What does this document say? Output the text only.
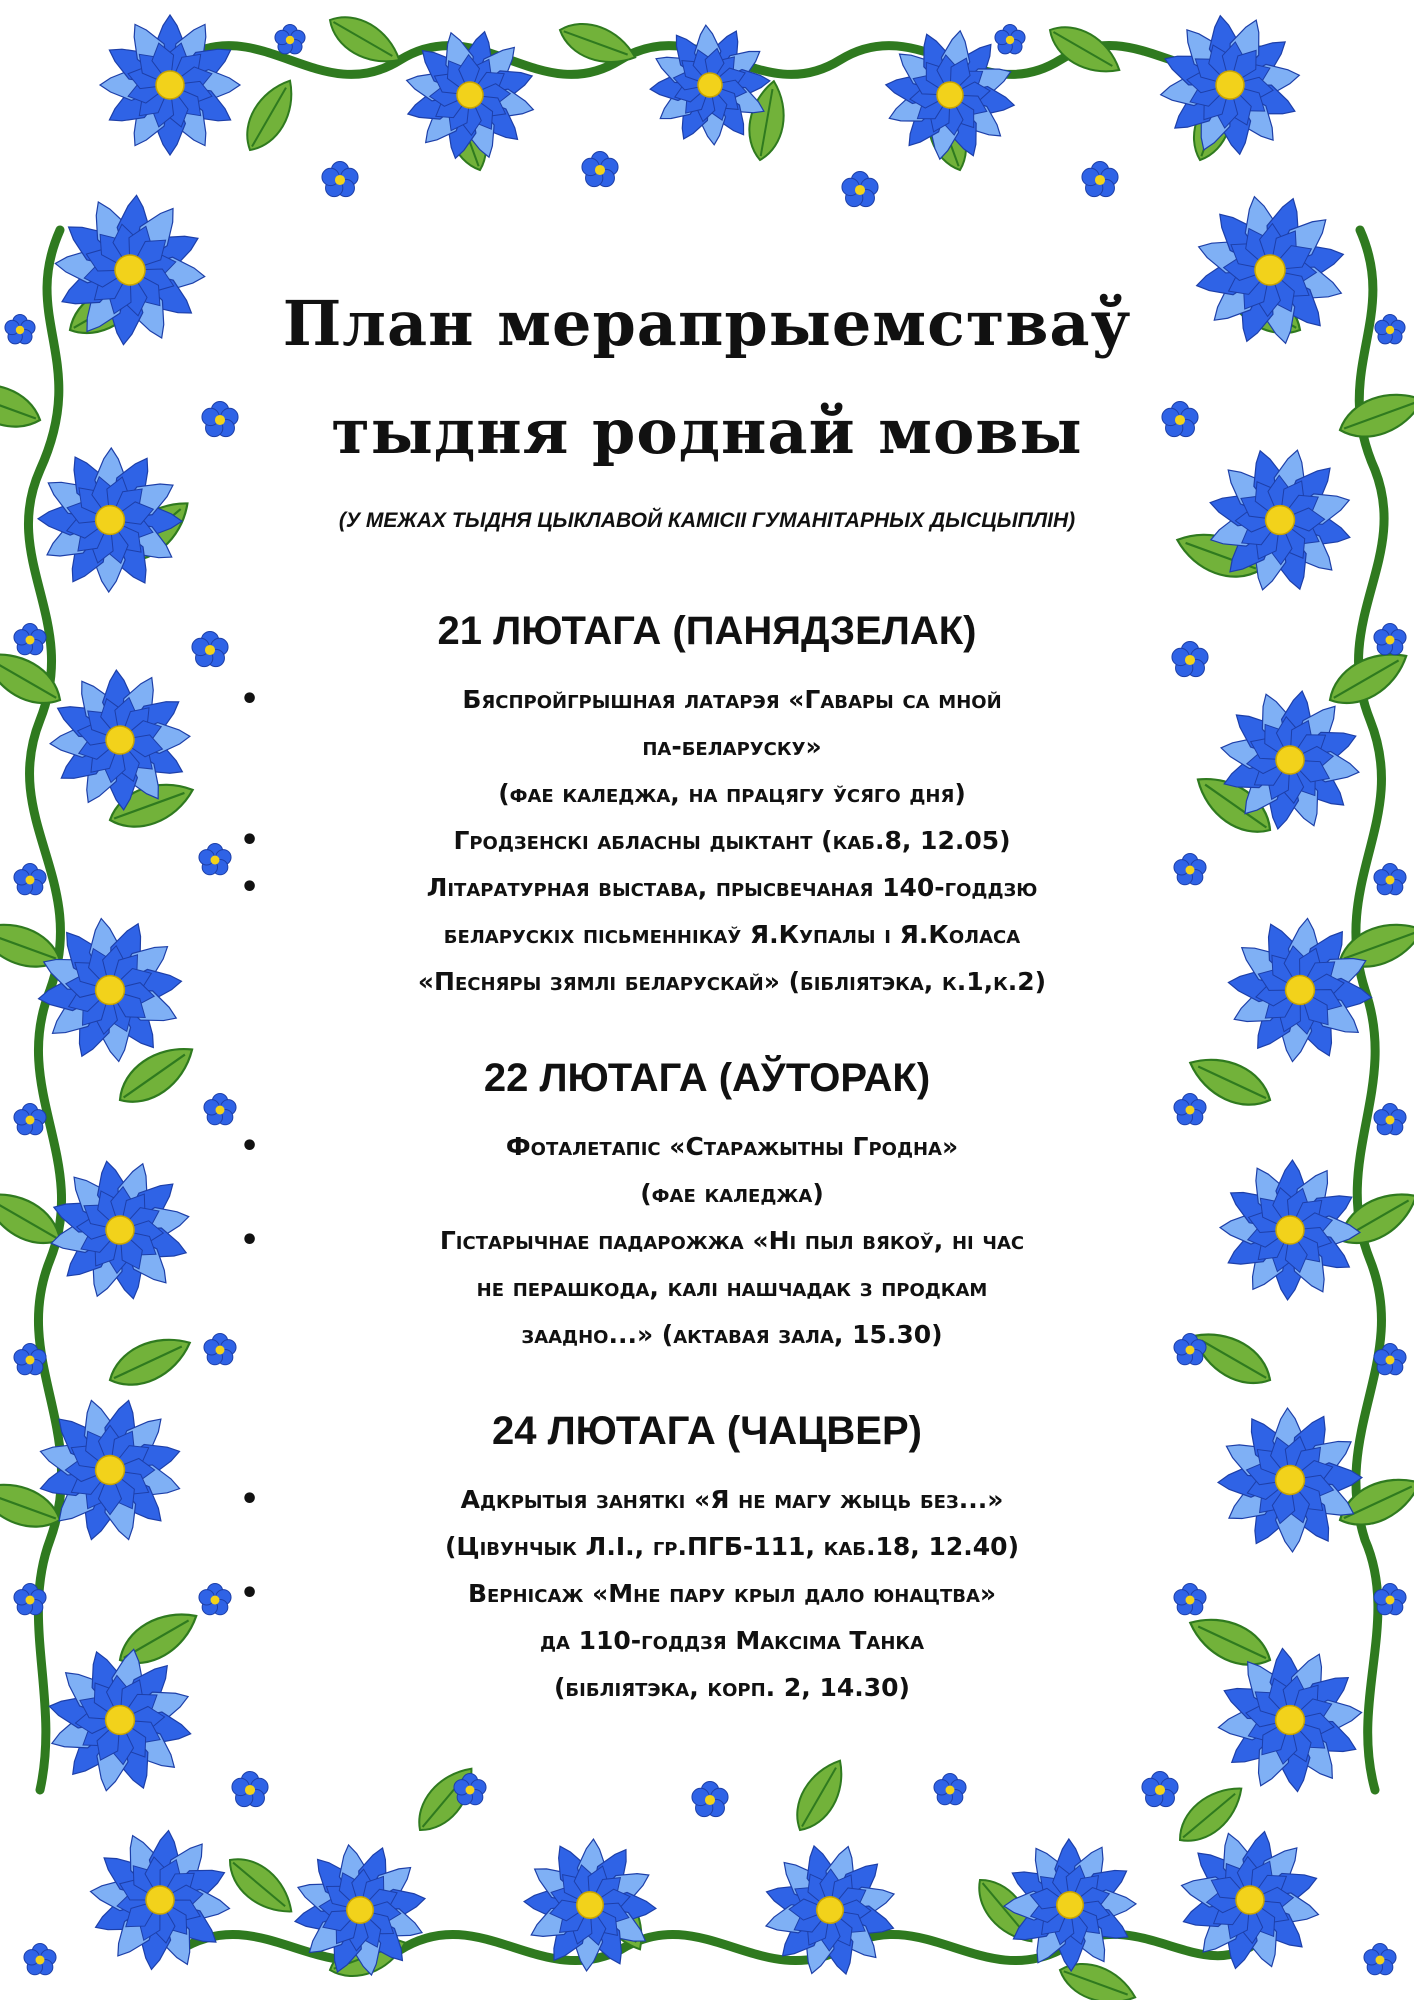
План мерапрыемстваў
тыдня роднай мовы

(У МЕЖАХ ТЫДНЯ ЦЫКЛАВОЙ КАМІСІІ ГУМАНІТАРНЫХ ДЫСЦЫПЛІН)

21 ЛЮТАГА (ПАНЯДЗЕЛАК)
•	Бяспройгрышная латарэя «Гавары са мной
па-беларуску»
(фае каледжа, на працягу ўсяго дня)
•	Гродзенскі абласны дыктант (каб.8, 12.05)
•	Літаратурная выстава, прысвечаная 140-годдзю
беларускіх пісьменнікаў Я.Купалы і Я.Коласа
«Песняры зямлі беларускай» (бібліятэка, к.1,к.2)
22 ЛЮТАГА (АЎТОРАК)
•	Фоталетапіс «Старажытны Гродна»
(фае каледжа)
•	Гістарычнае падарожжа «Ні пыл вякоў, ні час
не перашкода, калі нашчадак з продкам
заадно...» (актавая зала, 15.30)
24 ЛЮТАГА (ЧАЦВЕР)
•	Адкрытыя заняткі «Я не магу жыць без...»
(Цівунчык Л.І., гр.ПГБ-111, каб.18, 12.40)
•	Вернісаж «Мне пару крыл дало юнацтва»
да 110-годдзя Максіма Танка
(бібліятэка, корп. 2, 14.30)
